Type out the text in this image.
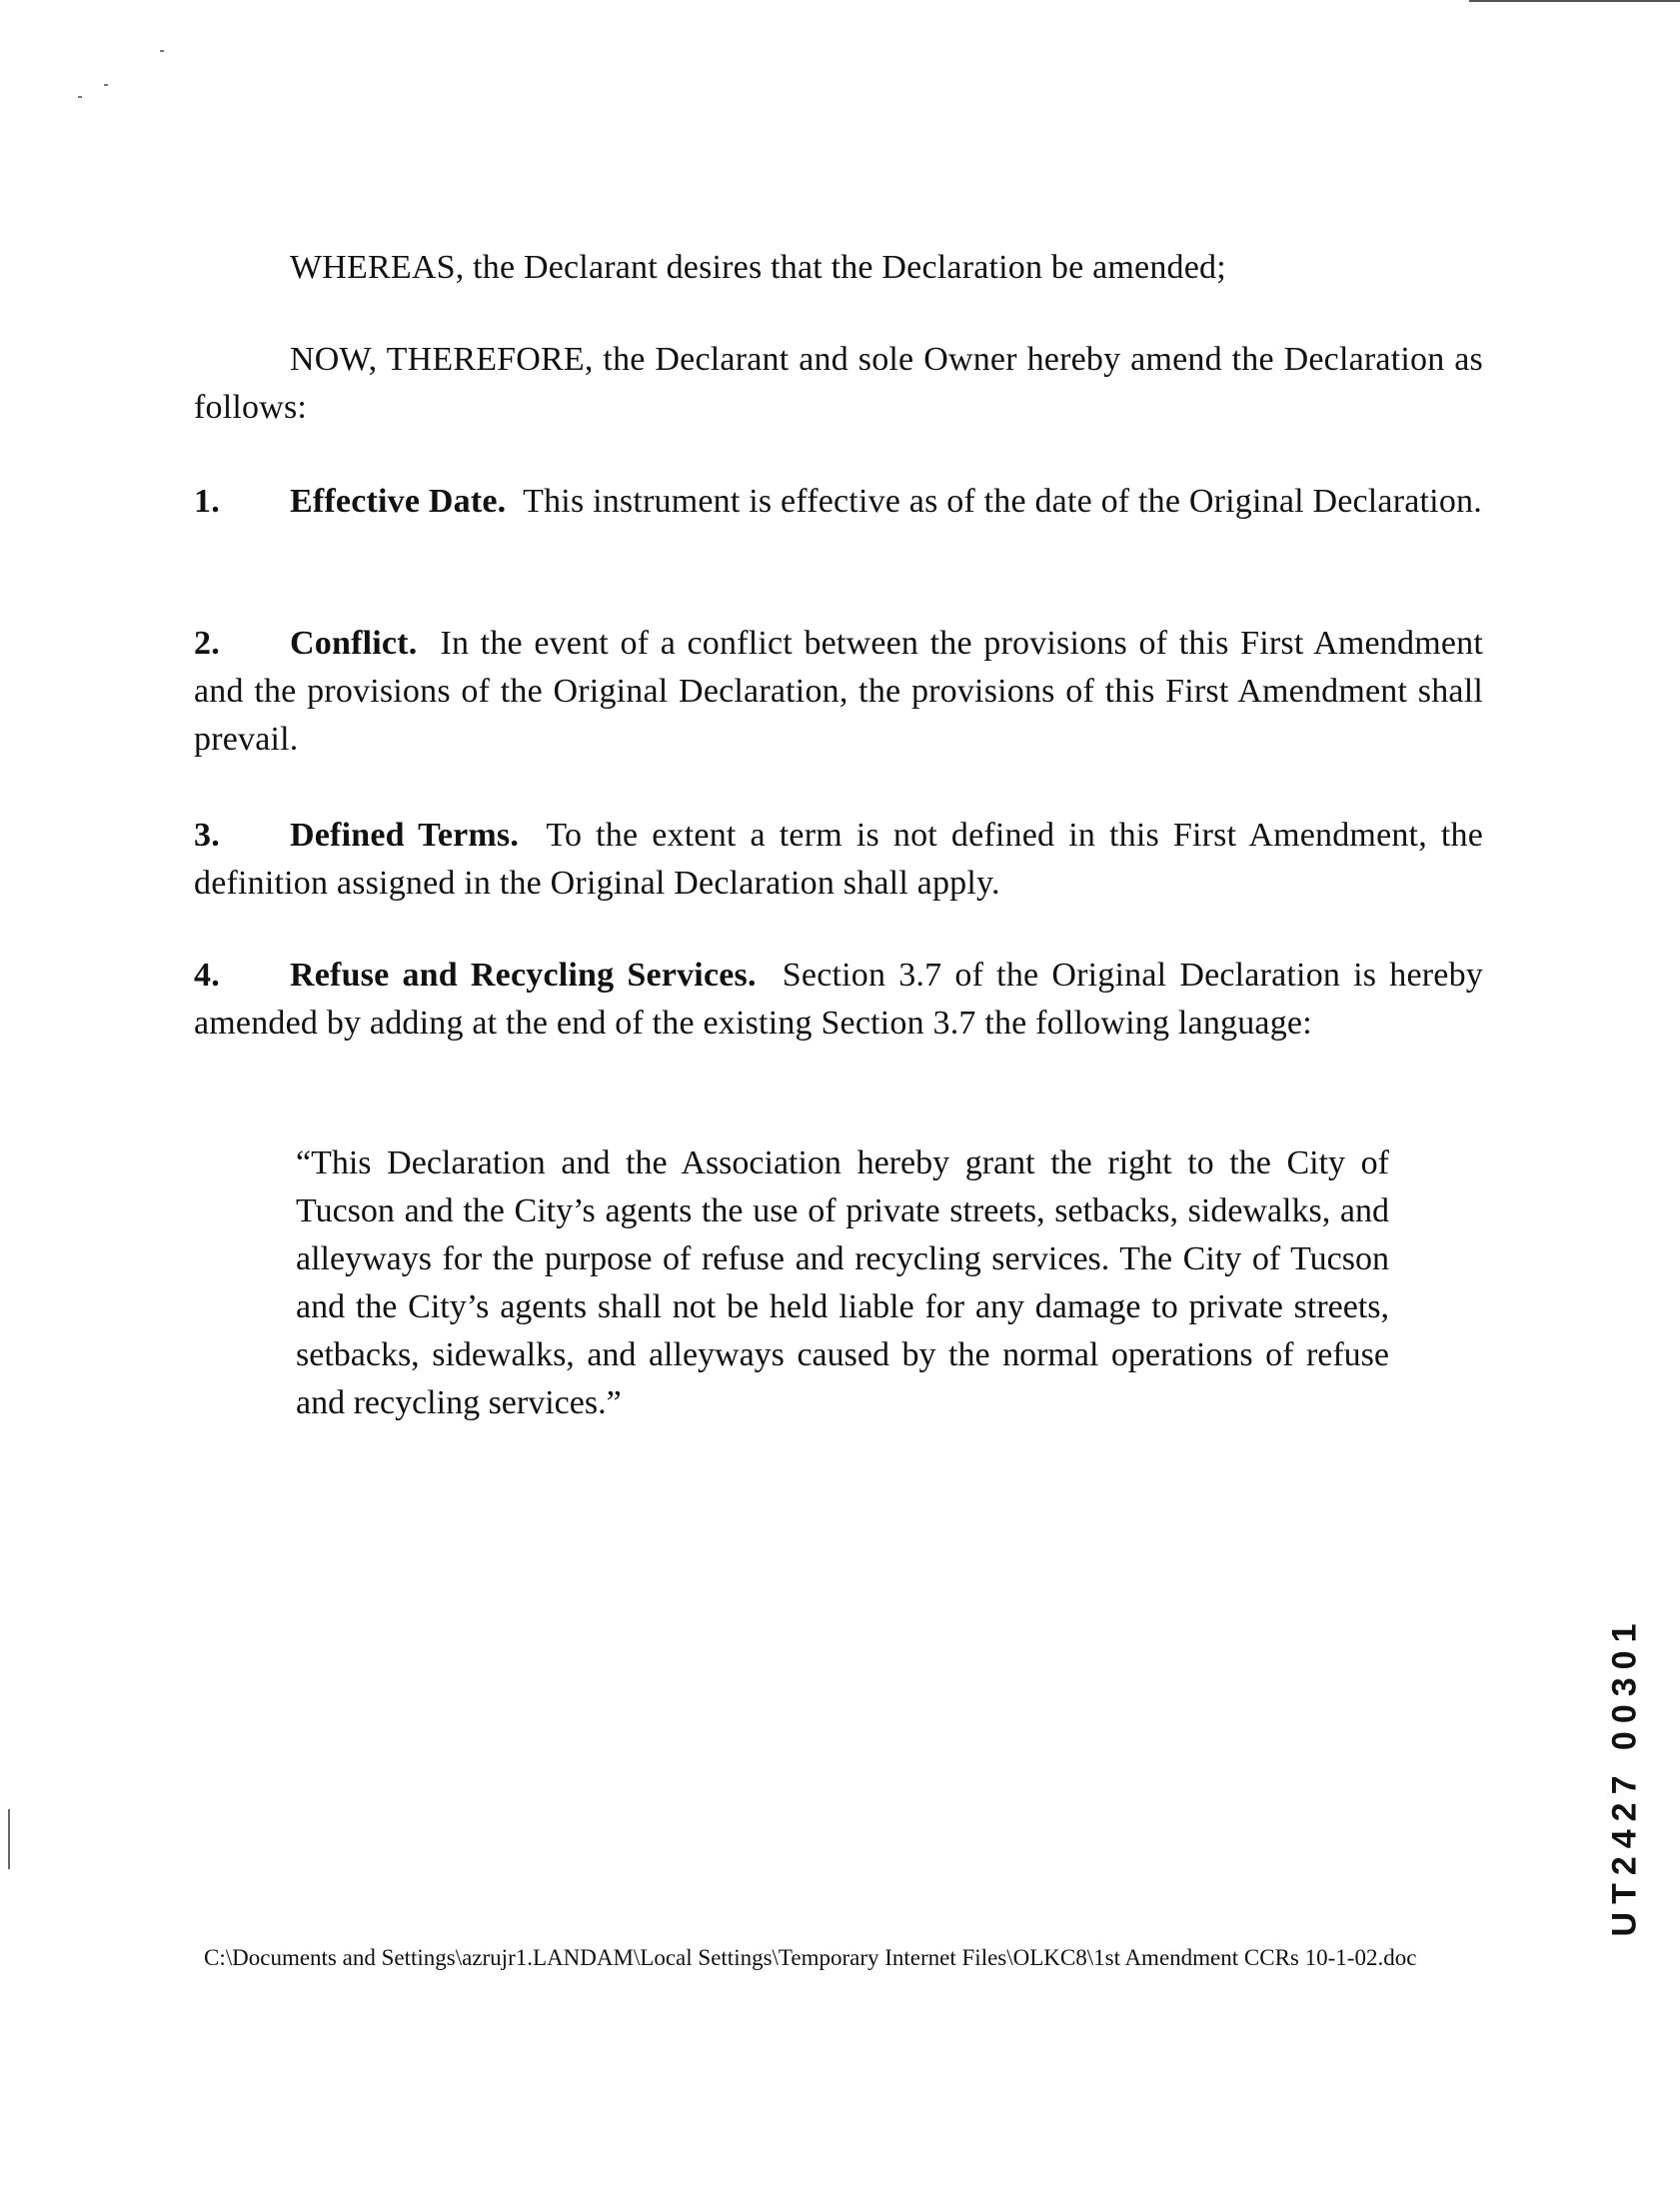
WHEREAS, the Declarant desires that the Declaration be amended;
NOW, THEREFORE, the Declarant and sole Owner hereby amend the Declaration as follows:
1. Effective Date. This instrument is effective as of the date of the Original Declaration.
2. Conflict. In the event of a conflict between the provisions of this First Amendment and the provisions of the Original Declaration, the provisions of this First Amendment shall prevail.
3. Defined Terms. To the extent a term is not defined in this First Amendment, the definition assigned in the Original Declaration shall apply.
4. Refuse and Recycling Services. Section 3.7 of the Original Declaration is hereby amended by adding at the end of the existing Section 3.7 the following language:
“This Declaration and the Association hereby grant the right to the City of Tucson and the City’s agents the use of private streets, setbacks, sidewalks, and alleyways for the purpose of refuse and recycling services. The City of Tucson and the City’s agents shall not be held liable for any damage to private streets, setbacks, sidewalks, and alleyways caused by the normal operations of refuse and recycling services.”
UT2427 00301
C:\Documents and Settings\azrujr1.LANDAM\Local Settings\Temporary Internet Files\OLKC8\1st Amendment CCRs 10-1-02.doc
